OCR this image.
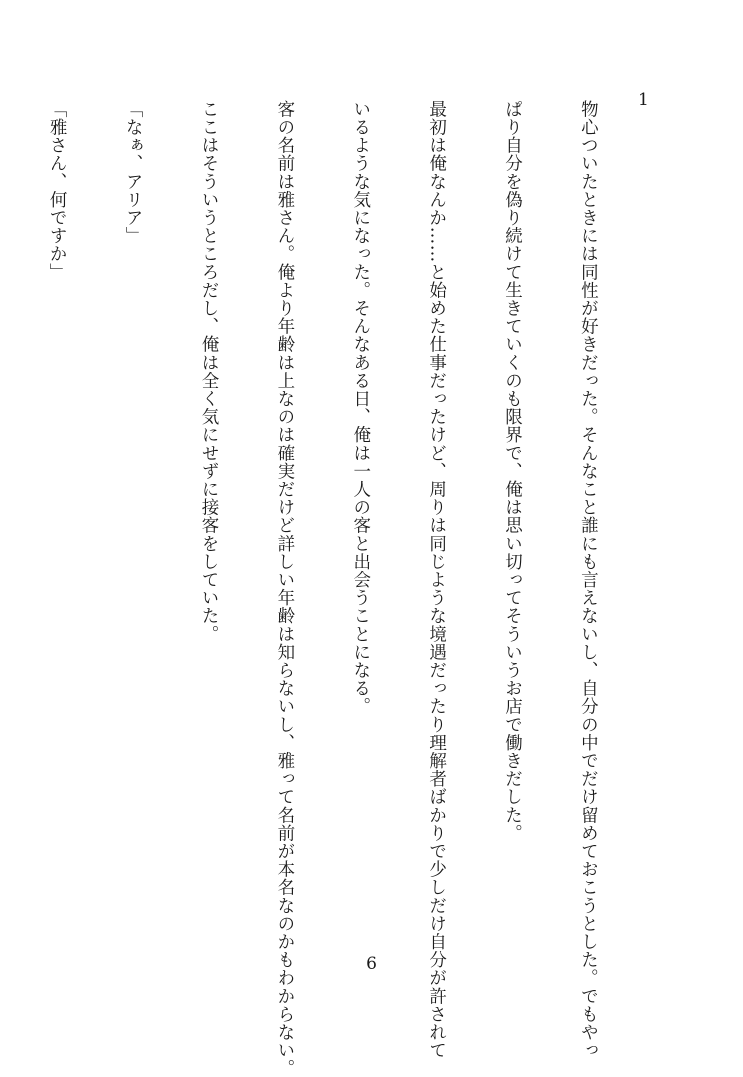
1

物心ついたときには同性が好きだった。そんなこと誰にも言えないし、自分の中でだけ留めておこうとした。でもやっ

ぱり自分を偽り続けて生きていくのも限界で、俺は思い切ってそういうお店で働きだした。

最初は俺なんか……と始めた仕事だったけど、周りは同じような境遇だったり理解者ばかりで少しだけ自分が許されて

いるような気になった。そんなある日、俺は一人の客と出会うことになる。

客の名前は雅さん。俺より年齢は上なのは確実だけど詳しい年齢は知らないし、雅って名前が本名なのかもわからない。

ここはそういうところだし、俺は全く気にせずに接客をしていた。

「なぁ、アリア」

「雅さん、何ですか」

6
